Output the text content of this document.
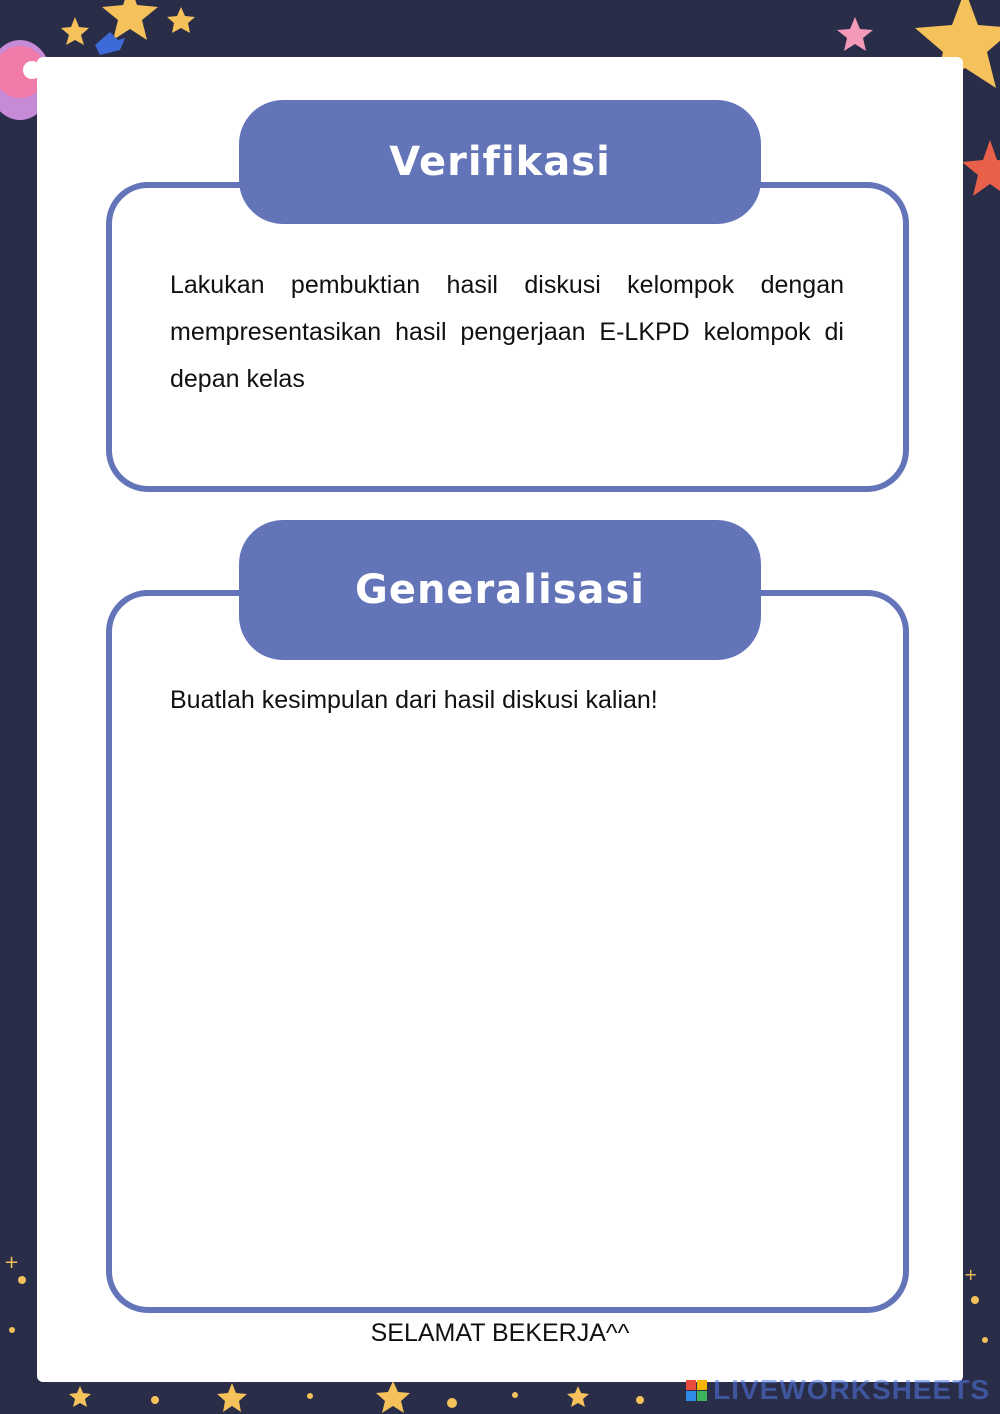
+
+
Verifikasi
Lakukan pembuktian hasil diskusi kelompok dengan mempresentasikan hasil pengerjaan E-LKPD kelompok di depan kelas
Generalisasi
Buatlah kesimpulan dari hasil diskusi kalian!
SELAMAT BEKERJA^^
LIVEWORKSHEETS
